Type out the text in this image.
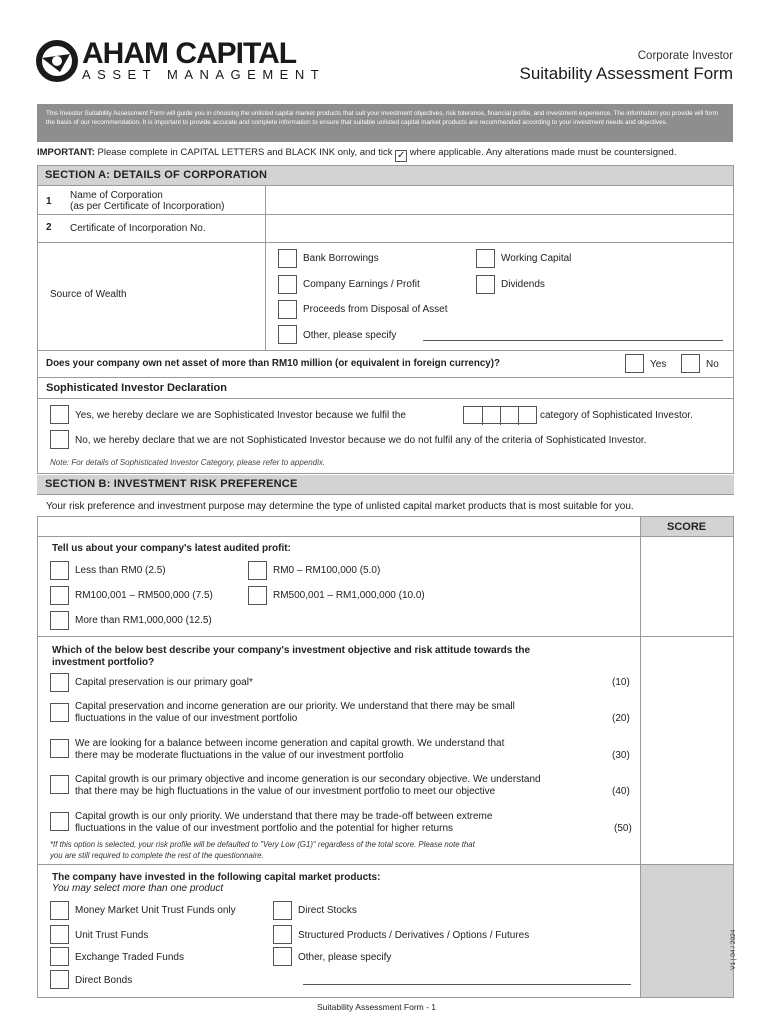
AHAM CAPITAL
ASSET MANAGEMENT
Corporate Investor
Suitability Assessment Form
This Investor Suitability Assessment Form will guide you in choosing the unlisted capital market products that suit your investment objectives, risk tolerance, financial profile, and investment experience. The information you provide will form the basis of our recommendation. It is important to provide accurate and complete information to ensure that suitable unlisted capital market products are recommended according to your investment needs and objectives.
IMPORTANT: Please complete in CAPITAL LETTERS and BLACK INK only, and tick ✓ where applicable. Any alterations made must be countersigned.
SECTION A: DETAILS OF CORPORATION
1
Name of Corporation
(as per Certificate of Incorporation)
2 Certificate of Incorporation No.
Source of Wealth
Bank Borrowings	Working Capital
Company Earnings / Profit	Dividends
Proceeds from Disposal of Asset
Other, please specify
Does your company own net asset of more than RM10 million (or equivalent in foreign currency)?	Yes	No
Sophisticated Investor Declaration
Yes, we hereby declare we are Sophisticated Investor because we fulfil the	category of Sophisticated Investor.
No, we hereby declare that we are not Sophisticated Investor because we do not fulfil any of the criteria of Sophisticated Investor.
Note: For details of Sophisticated Investor Category, please refer to appendix.
SECTION B: INVESTMENT RISK PREFERENCE
Your risk preference and investment purpose may determine the type of unlisted capital market products that is most suitable for you.
SCORE
Tell us about your company's latest audited profit:
Less than RM0 (2.5)	RM0 – RM100,000 (5.0)
RM100,001 – RM500,000 (7.5)	RM500,001 – RM1,000,000 (10.0)
More than RM1,000,000 (12.5)
Which of the below best describe your company's investment objective and risk attitude towards the
investment portfolio?
Capital preservation is our primary goal*	(10)
Capital preservation and income generation are our priority. We understand that there may be small
fluctuations in the value of our investment portfolio	(20)
We are looking for a balance between income generation and capital growth. We understand that
there may be moderate fluctuations in the value of our investment portfolio	(30)
Capital growth is our primary objective and income generation is our secondary objective. We understand
that there may be high fluctuations in the value of our investment portfolio to meet our objective	(40)
Capital growth is our only priority. We understand that there may be trade-off between extreme
fluctuations in the value of our investment portfolio and the potential for higher returns	(50)
*If this option is selected, your risk profile will be defaulted to "Very Low (G1)" regardless of the total score. Please note that
you are still required to complete the rest of the questionnaire.
The company have invested in the following capital market products:
You may select more than one product
Money Market Unit Trust Funds only	Direct Stocks
Unit Trust Funds	Structured Products / Derivatives / Options / Futures
Exchange Traded Funds	Other, please specify
Direct Bonds
Suitability Assessment Form - 1
V1 | 04 / 2024
